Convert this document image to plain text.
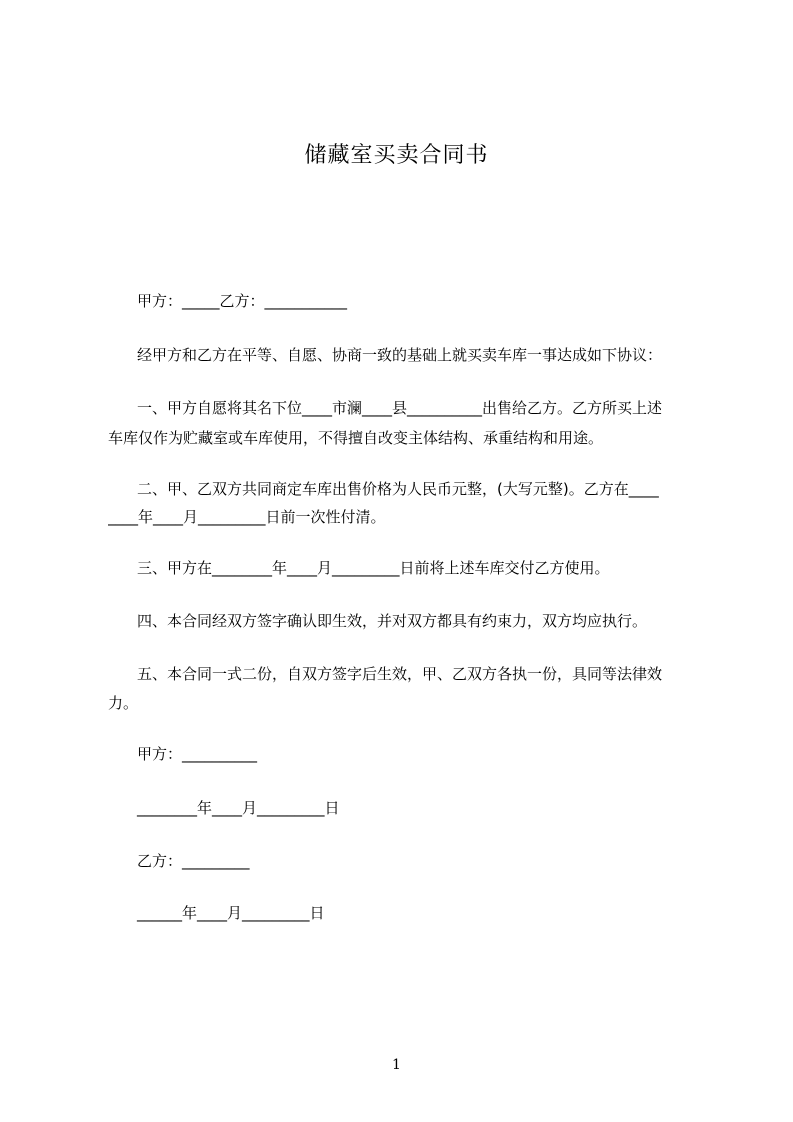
储藏室买卖合同书
甲方：_____乙方：___________
经甲方和乙方在平等、自愿、协商一致的基础上就买卖车库一事达成如下协议：
一、甲方自愿将其名下位____市澜____县__________出售给乙方。乙方所买上述
车库仅作为贮藏室或车库使用，不得擅自改变主体结构、承重结构和用途。
二、甲、乙双方共同商定车库出售价格为人民币元整，(大写元整)。乙方在____
____年____月_________日前一次性付清。
三、甲方在________年____月_________日前将上述车库交付乙方使用。
四、本合同经双方签字确认即生效，并对双方都具有约束力，双方均应执行。
五、本合同一式二份，自双方签字后生效，甲、乙双方各执一份，具同等法律效
力。
甲方：__________
________年____月_________日
乙方：_________
______年____月_________日
1
